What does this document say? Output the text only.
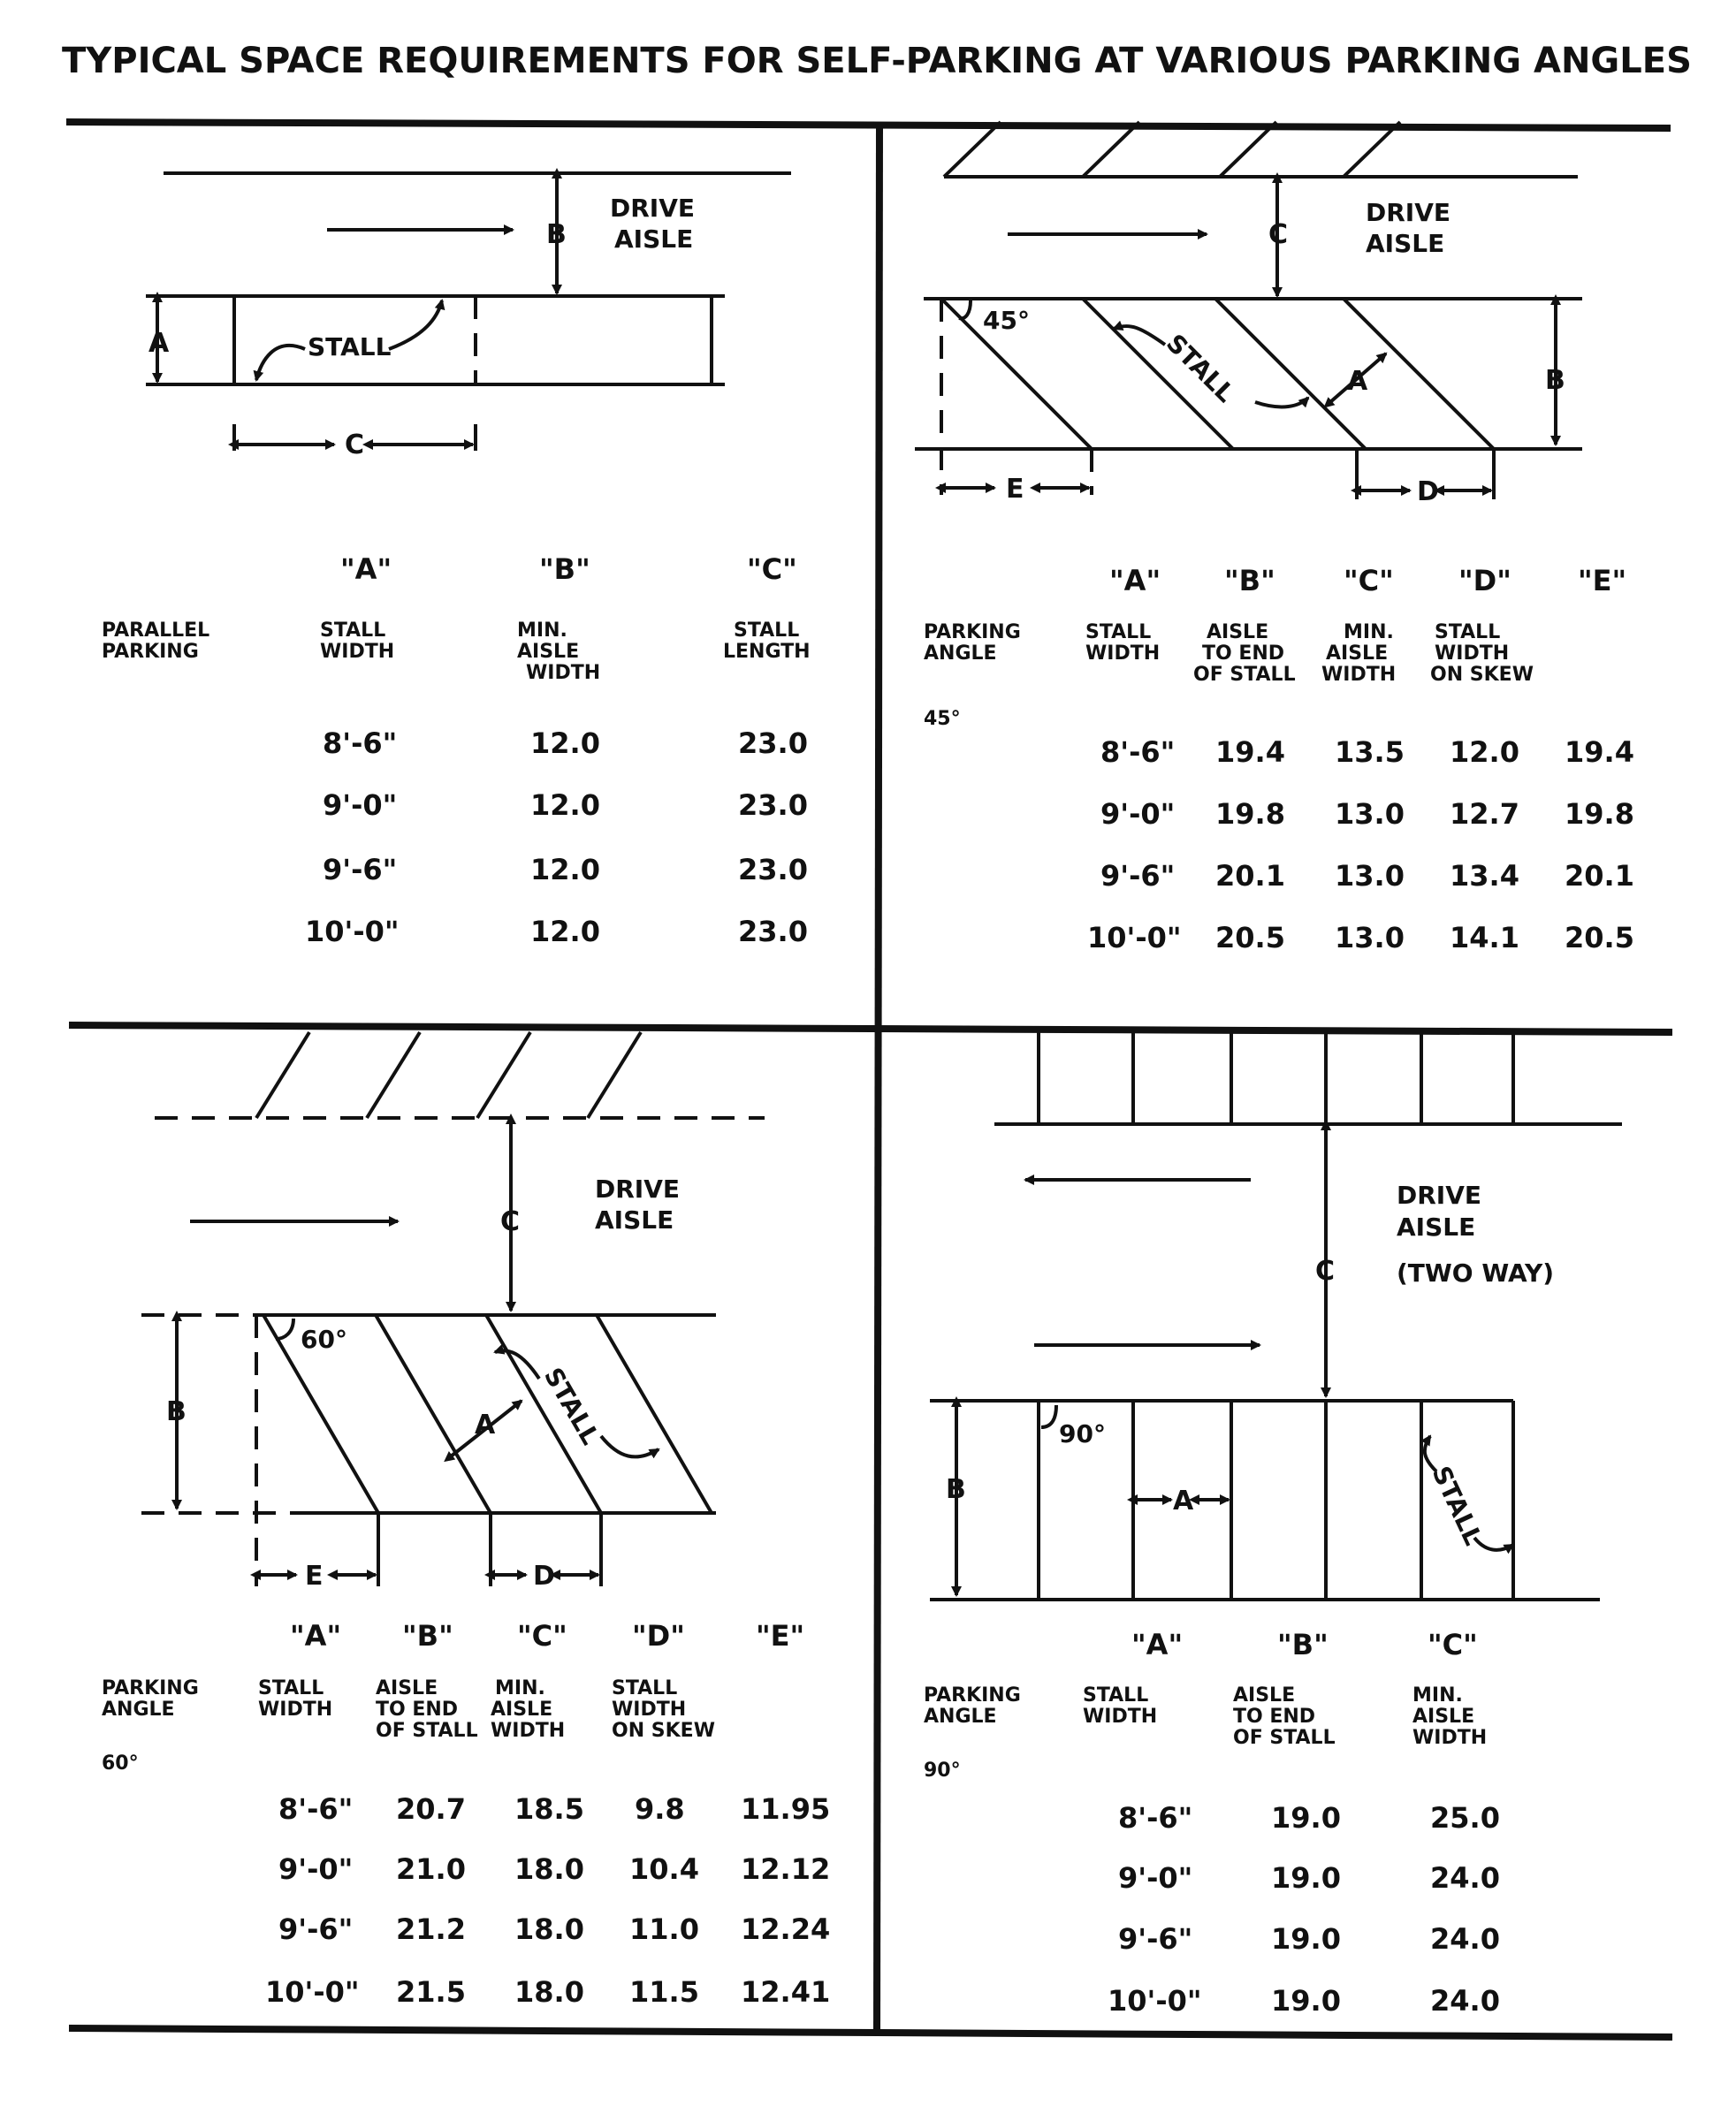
TYPICAL SPACE REQUIREMENTS FOR SELF-PARKING AT VARIOUS PARKING ANGLES
B
A
C
STALL
DRIVE
AISLE
"A"	"B"	"C"
PARALLEL
PARKING
STALL
WIDTH
MIN.
AISLE
WIDTH
STALL
LENGTH
8'-6"	12.0	23.0
9'-0"	12.0	23.0
9'-6"	12.0	23.0
10'-0"	12.0	23.0
C
DRIVE
AISLE
E	D
B
45°
A
STALL
"A" "B" "C" "D" "E"
PARKING
ANGLE
45°
STALL
WIDTH
AISLE
TO END
OF STALL
MIN.
AISLE
WIDTH
STALL
WIDTH
ON SKEW
8'-6" 19.4 13.5 12.0 19.4
9'-0" 19.8 13.0 12.7 19.8
9'-6" 20.1 13.0 13.4 20.1
10'-0" 20.5 13.0 14.1 20.5
C
DRIVE
AISLE
B
E	D
60°
A STALL
"A" "B" "C" "D"	"E"
PARKING
ANGLE
60°
STALL
WIDTH
AISLE
TO END
OF STALL
MIN.
AISLE
WIDTH
STALL
WIDTH
ON SKEW
8'-6" 20.7 18.5 9.8 11.95
9'-0" 21.0 18.0 10.4 12.12
9'-6" 21.2 18.0 11.0 12.24
10'-0" 21.5 18.0 11.5 12.41
C
DRIVE
AISLE
(TWO WAY)
B	A
90°
STALL
"A"	"B"	"C"
PARKING
ANGLE
90°
STALL
WIDTH
AISLE
TO END
OF STALL
MIN.
AISLE
WIDTH
8'-6"	19.0	25.0
9'-0"	19.0	24.0
9'-6"	19.0	24.0
10'-0" 19.0	24.0
